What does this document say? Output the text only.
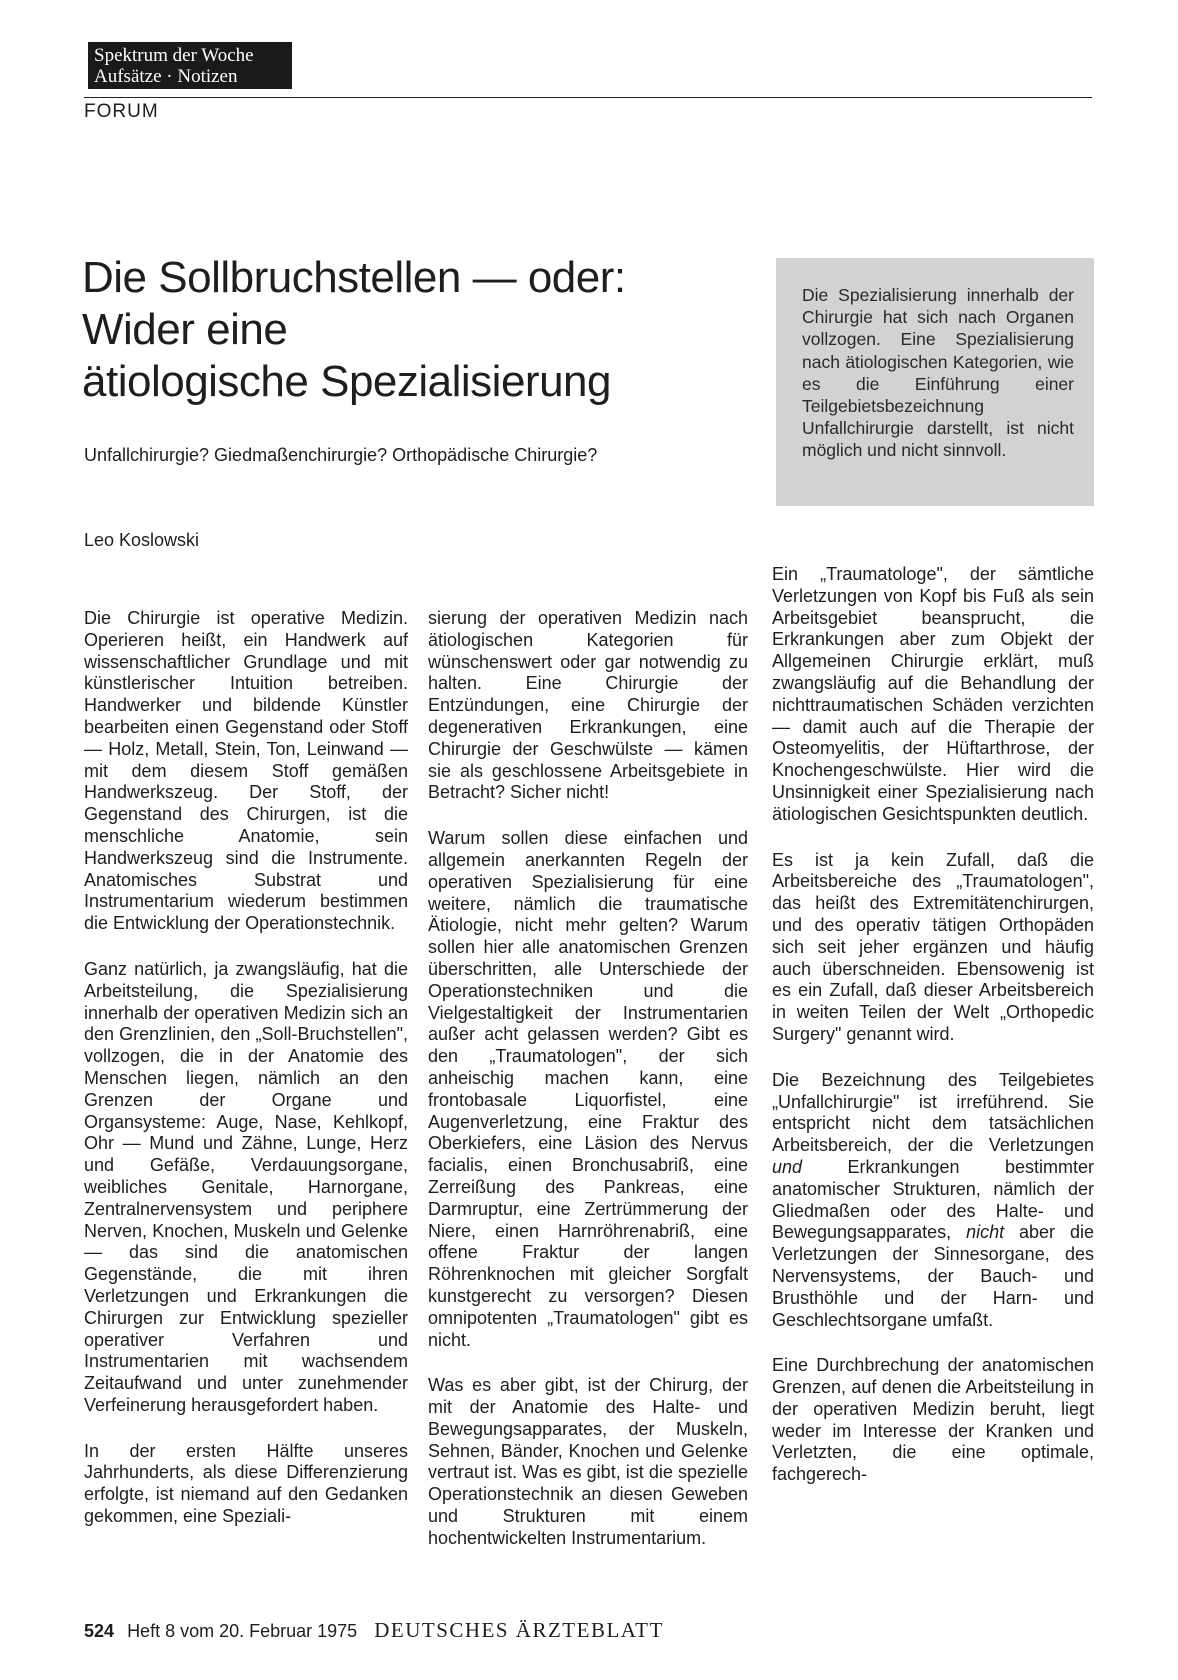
Spektrum der Woche
Aufsätze · Notizen
FORUM
Die Sollbruchstellen — oder:
Wider eine
ätiologische Spezialisierung
Unfallchirurgie? Giedmaßenchirurgie? Orthopädische Chirurgie?
Leo Koslowski
Die Spezialisierung innerhalb der Chirurgie hat sich nach Organen vollzogen. Eine Spezialisierung nach ätiologischen Kategorien, wie es die Einführung einer Teilgebietsbezeichnung Unfallchirurgie darstellt, ist nicht möglich und nicht sinnvoll.

Die Chirurgie ist operative Medizin. Operieren heißt, ein Handwerk auf wissenschaftlicher Grundlage und mit künstlerischer Intuition betreiben. Handwerker und bildende Künstler bearbeiten einen Gegenstand oder Stoff — Holz, Metall, Stein, Ton, Leinwand — mit dem diesem Stoff gemäßen Handwerkszeug. Der Stoff, der Gegenstand des Chirurgen, ist die menschliche Anatomie, sein Handwerkszeug sind die Instrumente. Anatomisches Substrat und Instrumentarium wiederum bestimmen die Entwicklung der Operationstechnik.

Ganz natürlich, ja zwangsläufig, hat die Arbeitsteilung, die Spezialisierung innerhalb der operativen Medizin sich an den Grenzlinien, den „Soll-Bruchstellen", vollzogen, die in der Anatomie des Menschen liegen, nämlich an den Grenzen der Organe und Organsysteme: Auge, Nase, Kehlkopf, Ohr — Mund und Zähne, Lunge, Herz und Gefäße, Verdauungsorgane, weibliches Genitale, Harnorgane, Zentralnervensystem und periphere Nerven, Knochen, Muskeln und Gelenke — das sind die anatomischen Gegenstände, die mit ihren Verletzungen und Erkrankungen die Chirurgen zur Entwicklung spezieller operativer Verfahren und Instrumentarien mit wachsendem Zeitaufwand und unter zunehmender Verfeinerung herausgefordert haben.

In der ersten Hälfte unseres Jahrhunderts, als diese Differenzierung erfolgte, ist niemand auf den Gedanken gekommen, eine Speziali-

sierung der operativen Medizin nach ätiologischen Kategorien für wünschenswert oder gar notwendig zu halten. Eine Chirurgie der Entzündungen, eine Chirurgie der degenerativen Erkrankungen, eine Chirurgie der Geschwülste — kämen sie als geschlossene Arbeitsgebiete in Betracht? Sicher nicht!

Warum sollen diese einfachen und allgemein anerkannten Regeln der operativen Spezialisierung für eine weitere, nämlich die traumatische Ätiologie, nicht mehr gelten? Warum sollen hier alle anatomischen Grenzen überschritten, alle Unterschiede der Operationstechniken und die Vielgestaltigkeit der Instrumentarien außer acht gelassen werden? Gibt es den „Traumatologen", der sich anheischig machen kann, eine frontobasale Liquorfistel, eine Augenverletzung, eine Fraktur des Oberkiefers, eine Läsion des Nervus facialis, einen Bronchusabriß, eine Zerreißung des Pankreas, eine Darmruptur, eine Zertrümmerung der Niere, einen Harnröhrenabriß, eine offene Fraktur der langen Röhrenknochen mit gleicher Sorgfalt kunstgerecht zu versorgen? Diesen omnipotenten „Traumatologen" gibt es nicht.

Was es aber gibt, ist der Chirurg, der mit der Anatomie des Halte- und Bewegungsapparates, der Muskeln, Sehnen, Bänder, Knochen und Gelenke vertraut ist. Was es gibt, ist die spezielle Operationstechnik an diesen Geweben und Strukturen mit einem hochentwickelten Instrumentarium.

Ein „Traumatologe", der sämtliche Verletzungen von Kopf bis Fuß als sein Arbeitsgebiet beansprucht, die Erkrankungen aber zum Objekt der Allgemeinen Chirurgie erklärt, muß zwangsläufig auf die Behandlung der nichttraumatischen Schäden verzichten — damit auch auf die Therapie der Osteomyelitis, der Hüftarthrose, der Knochengeschwülste. Hier wird die Unsinnigkeit einer Spezialisierung nach ätiologischen Gesichtspunkten deutlich.

Es ist ja kein Zufall, daß die Arbeitsbereiche des „Traumatologen", das heißt des Extremitätenchirurgen, und des operativ tätigen Orthopäden sich seit jeher ergänzen und häufig auch überschneiden. Ebensowenig ist es ein Zufall, daß dieser Arbeitsbereich in weiten Teilen der Welt „Orthopedic Surgery" genannt wird.

Die Bezeichnung des Teilgebietes „Unfallchirurgie" ist irreführend. Sie entspricht nicht dem tatsächlichen Arbeitsbereich, der die Verletzungen und Erkrankungen bestimmter anatomischer Strukturen, nämlich der Gliedmaßen oder des Halte- und Bewegungsapparates, nicht aber die Verletzungen der Sinnesorgane, des Nervensystems, der Bauch- und Brusthöhle und der Harn- und Geschlechtsorgane umfaßt.

Eine Durchbrechung der anatomischen Grenzen, auf denen die Arbeitsteilung in der operativen Medizin beruht, liegt weder im Interesse der Kranken und Verletzten, die eine optimale, fachgerech-

524 Heft 8 vom 20. Februar 1975 DEUTSCHES ÄRZTEBLATT
